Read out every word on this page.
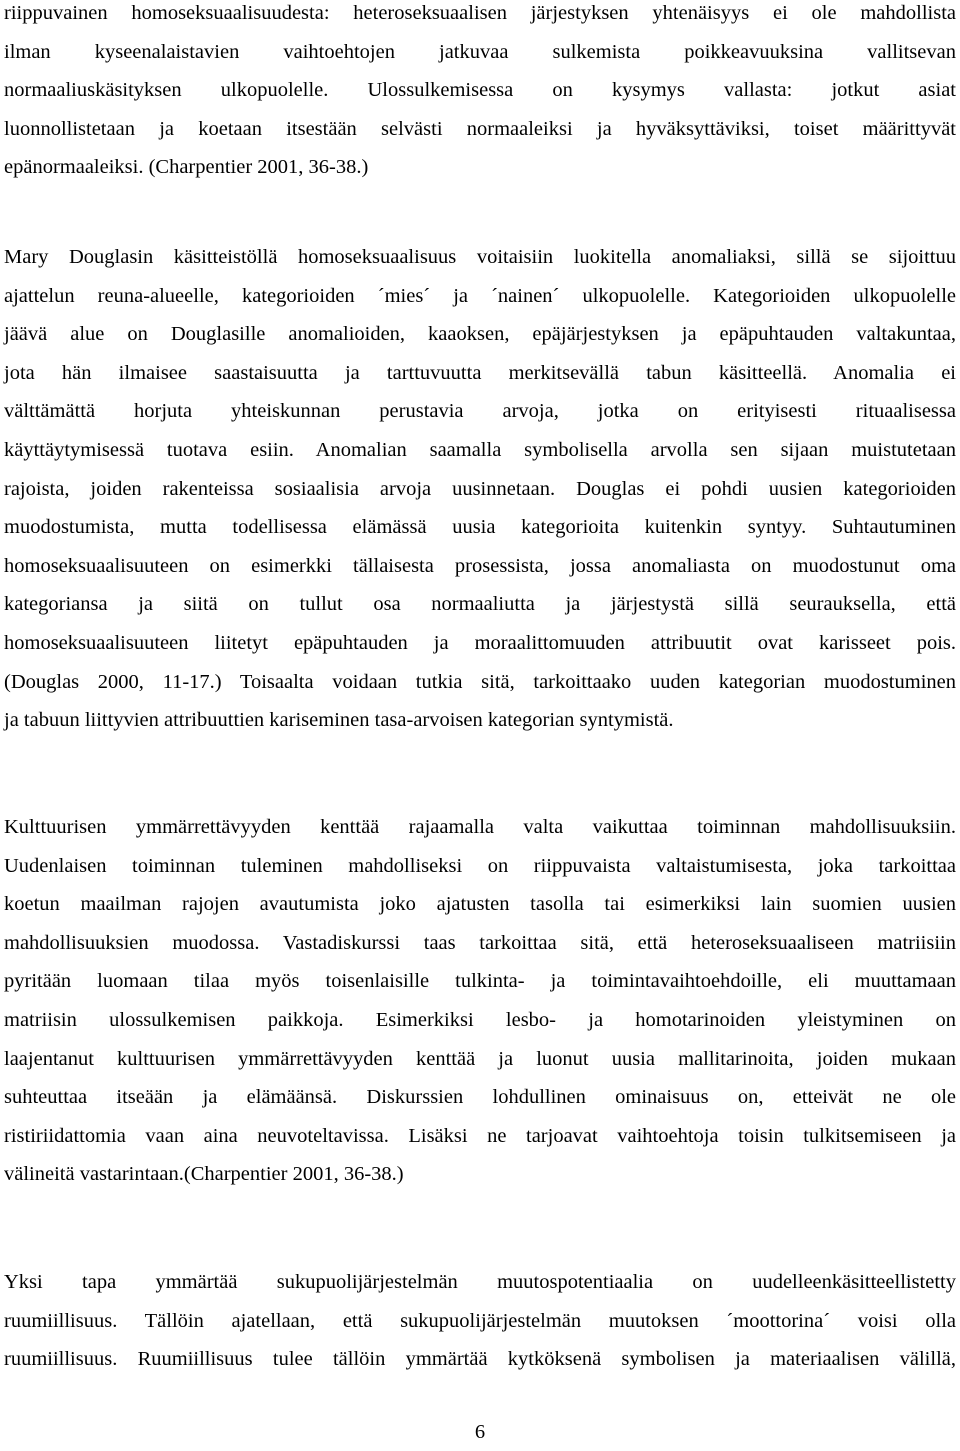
riippuvainen homoseksuaalisuudesta: heteroseksuaalisen järjestyksen yhtenäisyys ei ole mahdollista
ilman kyseenalaistavien vaihtoehtojen jatkuvaa sulkemista poikkeavuuksina vallitsevan
normaaliuskäsityksen ulkopuolelle. Ulossulkemisessa on kysymys vallasta: jotkut asiat
luonnollistetaan ja koetaan itsestään selvästi normaaleiksi ja hyväksyttäviksi, toiset määrittyvät
epänormaaleiksi. (Charpentier 2001, 36-38.)
Mary Douglasin käsitteistöllä homoseksuaalisuus voitaisiin luokitella anomaliaksi, sillä se sijoittuu
ajattelun reuna-alueelle, kategorioiden ´mies´ ja ´nainen´ ulkopuolelle. Kategorioiden ulkopuolelle
jäävä alue on Douglasille anomalioiden, kaaoksen, epäjärjestyksen ja epäpuhtauden valtakuntaa,
jota hän ilmaisee saastaisuutta ja tarttuvuutta merkitsevällä tabun käsitteellä. Anomalia ei
välttämättä horjuta yhteiskunnan perustavia arvoja, jotka on erityisesti rituaalisessa
käyttäytymisessä tuotava esiin. Anomalian saamalla symbolisella arvolla sen sijaan muistutetaan
rajoista, joiden rakenteissa sosiaalisia arvoja uusinnetaan. Douglas ei pohdi uusien kategorioiden
muodostumista, mutta todellisessa elämässä uusia kategorioita kuitenkin syntyy. Suhtautuminen
homoseksuaalisuuteen on esimerkki tällaisesta prosessista, jossa anomaliasta on muodostunut oma
kategoriansa ja siitä on tullut osa normaaliutta ja järjestystä sillä seurauksella, että
homoseksuaalisuuteen liitetyt epäpuhtauden ja moraalittomuuden attribuutit ovat karisseet pois.
(Douglas 2000, 11-17.) Toisaalta voidaan tutkia sitä, tarkoittaako uuden kategorian muodostuminen
ja tabuun liittyvien attribuuttien kariseminen tasa-arvoisen kategorian syntymistä.
Kulttuurisen ymmärrettävyyden kenttää rajaamalla valta vaikuttaa toiminnan mahdollisuuksiin.
Uudenlaisen toiminnan tuleminen mahdolliseksi on riippuvaista valtaistumisesta, joka tarkoittaa
koetun maailman rajojen avautumista joko ajatusten tasolla tai esimerkiksi lain suomien uusien
mahdollisuuksien muodossa. Vastadiskurssi taas tarkoittaa sitä, että heteroseksuaaliseen matriisiin
pyritään luomaan tilaa myös toisenlaisille tulkinta- ja toimintavaihtoehdoille, eli muuttamaan
matriisin ulossulkemisen paikkoja. Esimerkiksi lesbo- ja homotarinoiden yleistyminen on
laajentanut kulttuurisen ymmärrettävyyden kenttää ja luonut uusia mallitarinoita, joiden mukaan
suhteuttaa itseään ja elämäänsä. Diskurssien lohdullinen ominaisuus on, etteivät ne ole
ristiriidattomia vaan aina neuvoteltavissa. Lisäksi ne tarjoavat vaihtoehtoja toisin tulkitsemiseen ja
välineitä vastarintaan.(Charpentier 2001, 36-38.)
Yksi tapa ymmärtää sukupuolijärjestelmän muutospotentiaalia on uudelleenkäsitteellistetty
ruumiillisuus. Tällöin ajatellaan, että sukupuolijärjestelmän muutoksen ´moottorina´ voisi olla
ruumiillisuus. Ruumiillisuus tulee tällöin ymmärtää kytköksenä symbolisen ja materiaalisen välillä,
6
